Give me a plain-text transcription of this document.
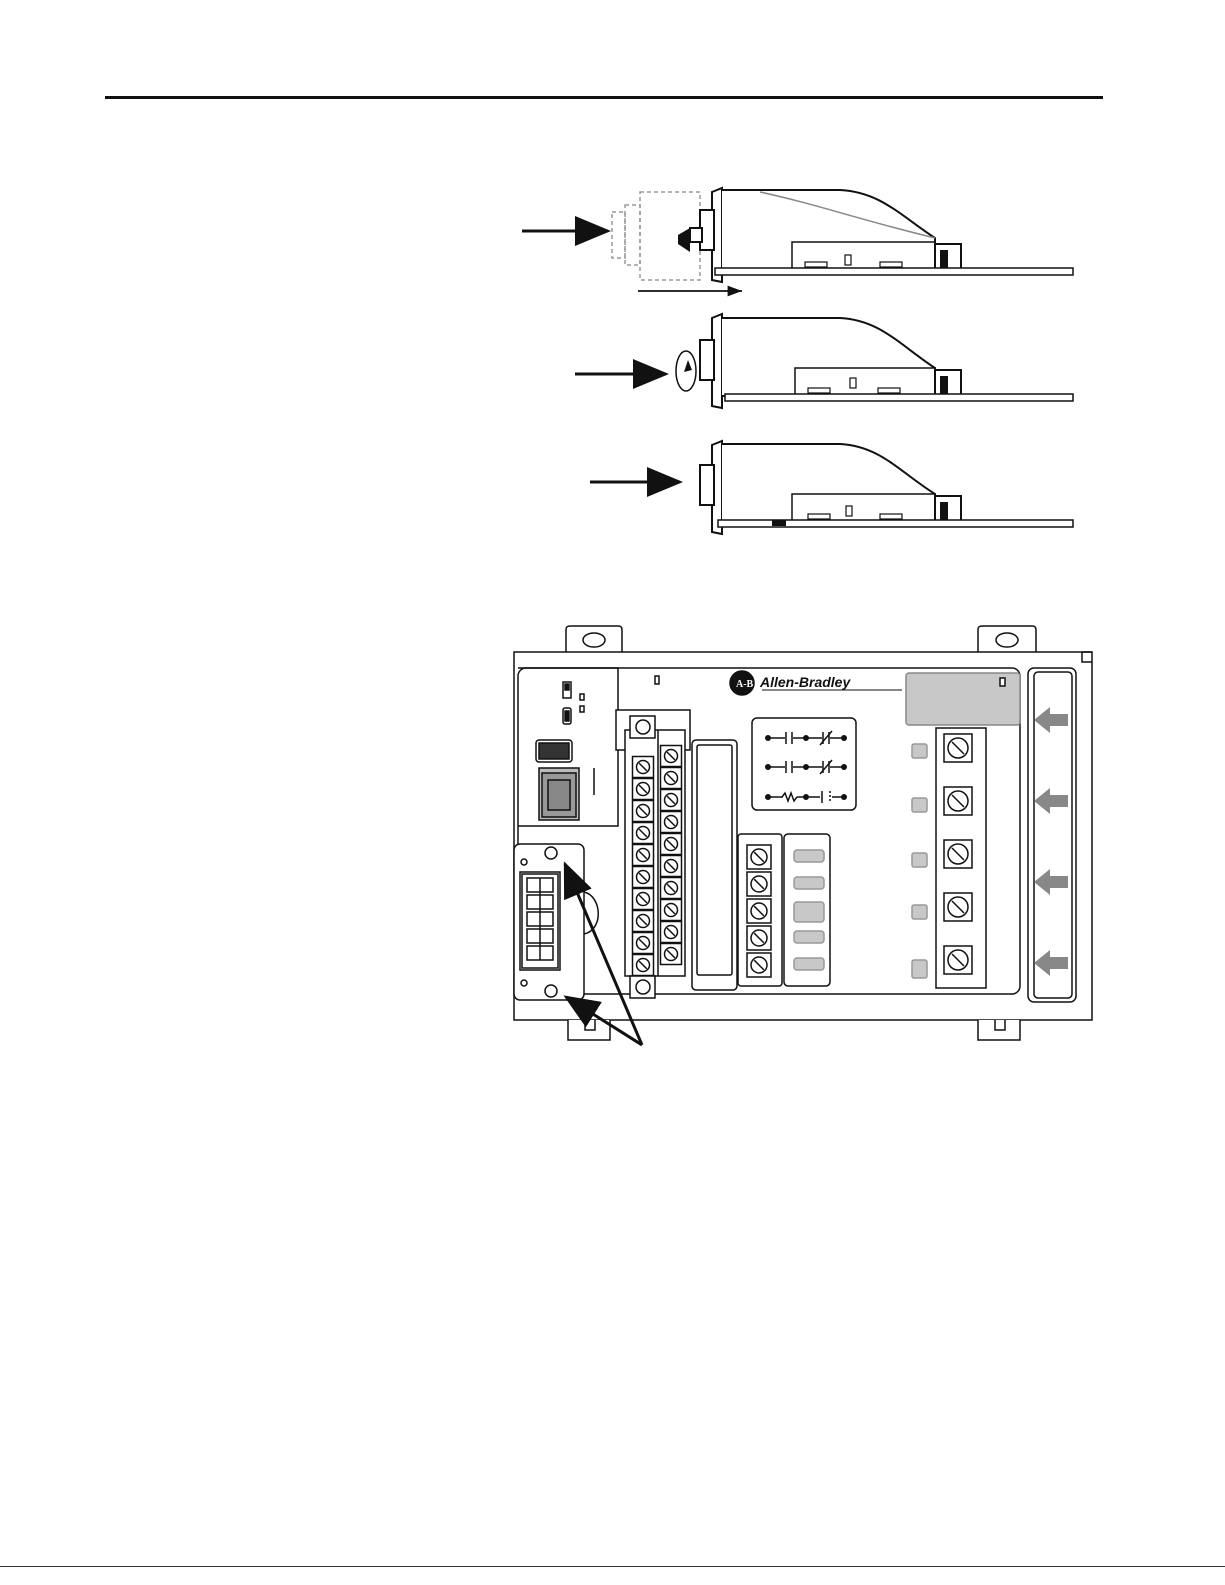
A-B Allen-Bradley
